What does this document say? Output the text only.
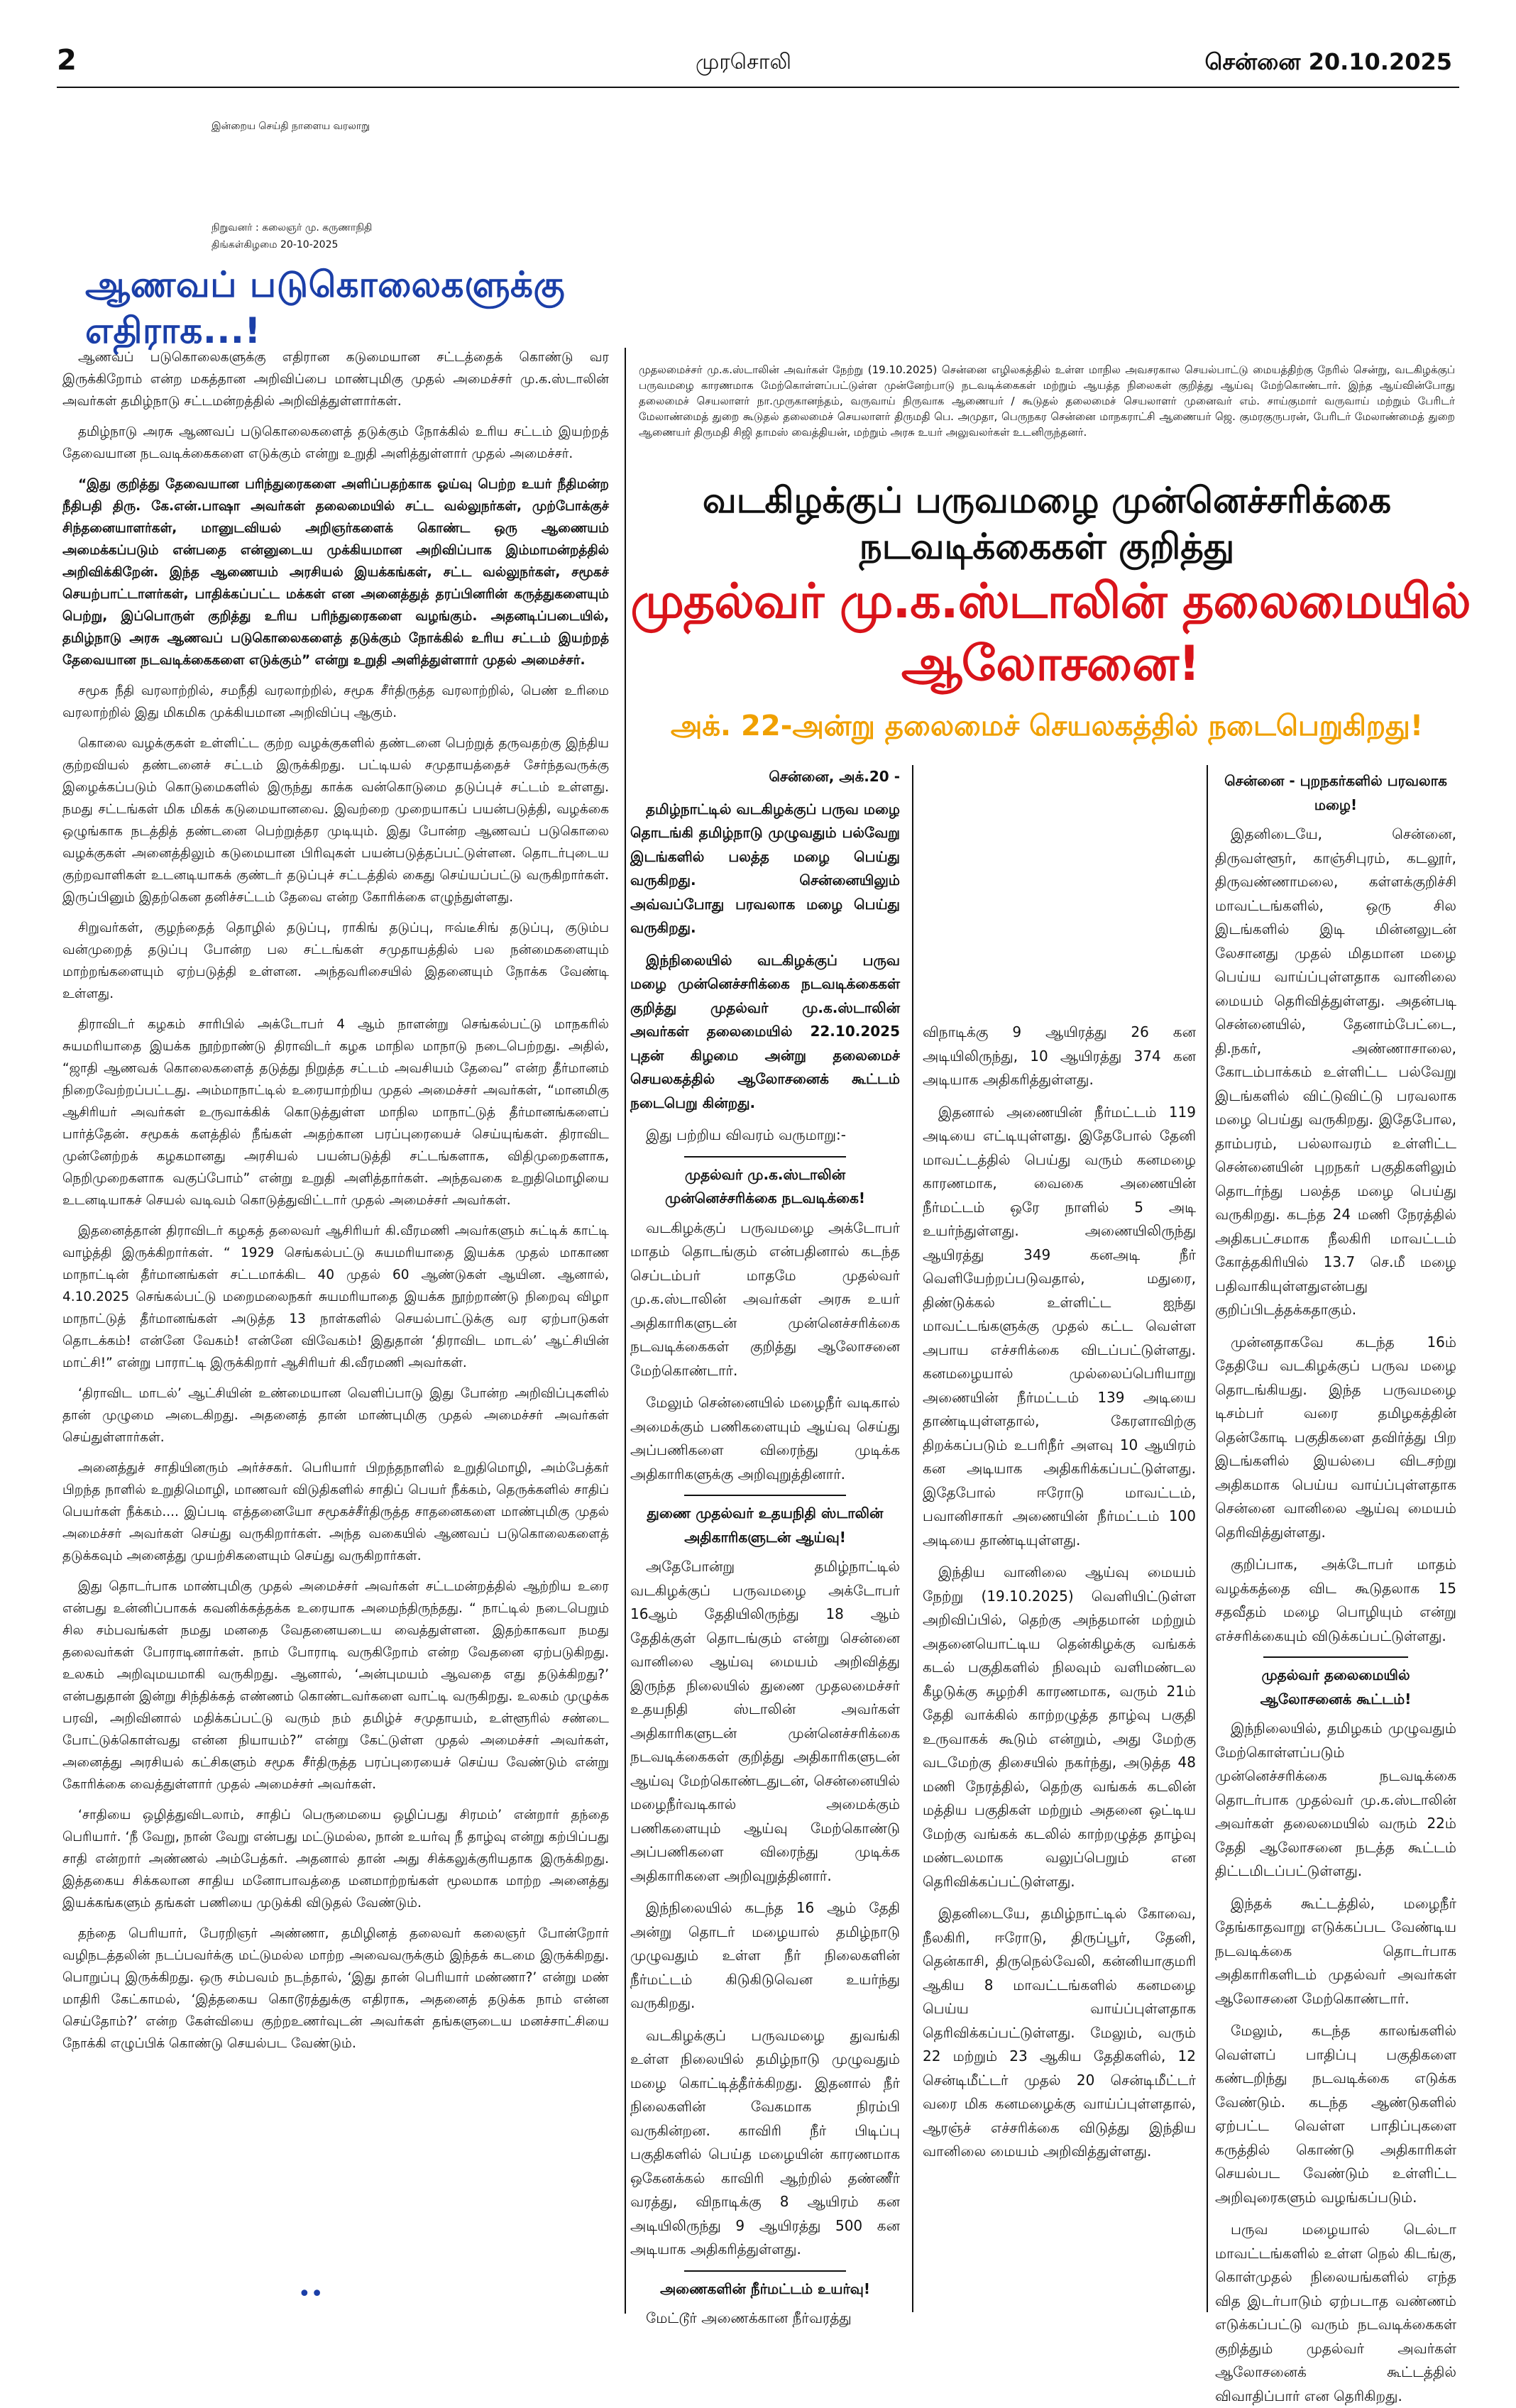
2	முரசொலி	சென்னை 20.10.2025
இன்றைய செய்தி நாளைய வரலாறு
நிறுவனர் : கலைஞர் மு. கருணாநிதி
திங்கள்கிழமை 20-10-2025
ஆணவப் படுகொலைகளுக்கு எதிராக...!

ஆணவப் படுகொலைகளுக்கு எதிரான கடுமையான சட்டத்தைக் கொண்டு வர இருக்கிறோம் என்ற மகத்தான அறிவிப்பை மாண்புமிகு முதல் அமைச்சர் மு.க.ஸ்டாலின் அவர்கள் தமிழ்நாடு சட்டமன்றத்தில் அறிவித்துள்ளார்கள்.

தமிழ்நாடு அரசு ஆணவப் படுகொலைகளைத் தடுக்கும் நோக்கில் உரிய சட்டம் இயற்றத் தேவையான நடவடிக்கைகளை எடுக்கும் என்று உறுதி அளித்துள்ளார் முதல் அமைச்சர்.

“இது குறித்து தேவையான பரிந்துரைகளை அளிப்பதற்காக ஓய்வு பெற்ற உயர் நீதிமன்ற நீதிபதி திரு. கே.என்.பாஷா அவர்கள் தலைமையில் சட்ட வல்லுநர்கள், முற்போக்குச் சிந்தனையாளர்கள், மானுடவியல் அறிஞர்களைக் கொண்ட ஒரு ஆணையம் அமைக்கப்படும் என்பதை என்னுடைய முக்கியமான அறிவிப்பாக இம்மாமன்றத்தில் அறிவிக்கிறேன். இந்த ஆணையம் அரசியல் இயக்கங்கள், சட்ட வல்லுநர்கள், சமூகச் செயற்பாட்டாளர்கள், பாதிக்கப்பட்ட மக்கள் என அனைத்துத் தரப்பினரின் கருத்துகளையும் பெற்று, இப்பொருள் குறித்து உரிய பரிந்துரைகளை வழங்கும். அதனடிப்படையில், தமிழ்நாடு அரசு ஆணவப் படுகொலைகளைத் தடுக்கும் நோக்கில் உரிய சட்டம் இயற்றத் தேவையான நடவடிக்கைகளை எடுக்கும்” என்று உறுதி அளித்துள்ளார் முதல் அமைச்சர்.

சமூக நீதி வரலாற்றில், சமநீதி வரலாற்றில், சமூக சீர்திருத்த வரலாற்றில், பெண் உரிமை வரலாற்றில் இது மிகமிக முக்கியமான அறிவிப்பு ஆகும்.

கொலை வழக்குகள் உள்ளிட்ட குற்ற வழக்குகளில் தண்டனை பெற்றுத் தருவதற்கு இந்திய குற்றவியல் தண்டனைச் சட்டம் இருக்கிறது. பட்டியல் சமுதாயத்தைச் சேர்ந்தவருக்கு இழைக்கப்படும் கொடுமைகளில் இருந்து காக்க வன்கொடுமை தடுப்புச் சட்டம் உள்ளது. நமது சட்டங்கள் மிக மிகக் கடுமையானவை. இவற்றை முறையாகப் பயன்படுத்தி, வழக்கை ஒழுங்காக நடத்தித் தண்டனை பெற்றுத்தர முடியும். இது போன்ற ஆணவப் படுகொலை வழக்குகள் அனைத்திலும் கடுமையான பிரிவுகள் பயன்படுத்தப்பட்டுள்ளன. தொடர்புடைய குற்றவாளிகள் உடனடியாகக் குண்டர் தடுப்புச் சட்டத்தில் கைது செய்யப்பட்டு வருகிறார்கள். இருப்பினும் இதற்கென தனிச்சட்டம் தேவை என்ற கோரிக்கை எழுந்துள்ளது.

சிறுவர்கள், குழந்தைத் தொழில் தடுப்பு, ராகிங் தடுப்பு, ஈவ்டீசிங் தடுப்பு, குடும்ப வன்முறைத் தடுப்பு போன்ற பல சட்டங்கள் சமுதாயத்தில் பல நன்மைகளையும் மாற்றங்களையும் ஏற்படுத்தி உள்ளன. அந்தவரிசையில் இதனையும் நோக்க வேண்டி உள்ளது.

திராவிடர் கழகம் சாரிபில் அக்டோபர் 4 ஆம் நாளன்று செங்கல்பட்டு மாநகரில் சுயமரியாதை இயக்க நூற்றாண்டு திராவிடர் கழக மாநில மாநாடு நடைபெற்றது. அதில், “ஜாதி ஆணவக் கொலைகளைத் தடுத்து நிறுத்த சட்டம் அவசியம் தேவை” என்ற தீர்மானம் நிறைவேற்றப்பட்டது. அம்மாநாட்டில் உரையாற்றிய முதல் அமைச்சர் அவர்கள், “மானமிகு ஆசிரியர் அவர்கள் உருவாக்கிக் கொடுத்துள்ள மாநில மாநாட்டுத் தீர்மானங்களைப் பார்த்தேன். சமூகக் களத்தில் நீங்கள் அதற்கான பரப்புரையைச் செய்யுங்கள். திராவிட முன்னேற்றக் கழகமானது அரசியல் பயன்படுத்தி சட்டங்களாக, விதிமுறைகளாக, நெறிமுறைகளாக வகுப்போம்” என்று உறுதி அளித்தார்கள். அந்தவகை உறுதிமொழியை உடனடியாகச் செயல் வடிவம் கொடுத்துவிட்டார் முதல் அமைச்சர் அவர்கள்.

இதனைத்தான் திராவிடர் கழகத் தலைவர் ஆசிரியர் கி.வீரமணி அவர்களும் சுட்டிக் காட்டி வாழ்த்தி இருக்கிறார்கள். “ 1929 செங்கல்பட்டு சுயமரியாதை இயக்க முதல் மாகாண மாநாட்டின் தீர்மானங்கள் சட்டமாக்கிட 40 முதல் 60 ஆண்டுகள் ஆயின. ஆனால், 4.10.2025 செங்கல்பட்டு மறைமலைநகர் சுயமரியாதை இயக்க நூற்றாண்டு நிறைவு விழா மாநாட்டுத் தீர்மானங்கள் அடுத்த 13 நாள்களில் செயல்பாட்டுக்கு வர ஏற்பாடுகள் தொடக்கம்! என்னே வேகம்! என்னே விவேகம்! இதுதான் ‘திராவிட மாடல்’ ஆட்சியின் மாட்சி!” என்று பாராட்டி இருக்கிறார் ஆசிரியர் கி.வீரமணி அவர்கள்.

‘திராவிட மாடல்’ ஆட்சியின் உண்மையான வெளிப்பாடு இது போன்ற அறிவிப்புகளில் தான் முழுமை அடைகிறது. அதனைத் தான் மாண்புமிகு முதல் அமைச்சர் அவர்கள் செய்துள்ளார்கள்.

அனைத்துச் சாதியினரும் அர்ச்சகர். பெரியார் பிறந்தநாளில் உறுதிமொழி, அம்பேத்கர் பிறந்த நாளில் உறுதிமொழி, மாணவர் விடுதிகளில் சாதிப் பெயர் நீக்கம், தெருக்களில் சாதிப் பெயர்கள் நீக்கம்.... இப்படி எத்தனையோ சமூகச்சீர்திருத்த சாதனைகளை மாண்புமிகு முதல் அமைச்சர் அவர்கள் செய்து வருகிறார்கள். அந்த வகையில் ஆணவப் படுகொலைகளைத் தடுக்கவும் அனைத்து முயற்சிகளையும் செய்து வருகிறார்கள்.

இது தொடர்பாக மாண்புமிகு முதல் அமைச்சர் அவர்கள் சட்டமன்றத்தில் ஆற்றிய உரை என்பது உன்னிப்பாகக் கவனிக்கத்தக்க உரையாக அமைந்திருந்தது. “ நாட்டில் நடைபெறும் சில சம்பவங்கள் நமது மனதை வேதனையடைய வைத்துள்ளன. இதற்காகவா நமது தலைவர்கள் போராடினார்கள். நாம் போராடி வருகிறோம் என்ற வேதனை ஏற்படுகிறது. உலகம் அறிவுமயமாகி வருகிறது. ஆனால், ‘அன்புமயம் ஆவதை எது தடுக்கிறது?’ என்பதுதான் இன்று சிந்திக்கத் எண்ணம் கொண்டவர்களை வாட்டி வருகிறது. உலகம் முழுக்க பரவி, அறிவினால் மதிக்கப்பட்டு வரும் நம் தமிழ்ச் சமுதாயம், உள்ளூரில் சண்டை போட்டுக்கொள்வது என்ன நியாயம்?” என்று கேட்டுள்ள முதல் அமைச்சர் அவர்கள், அனைத்து அரசியல் கட்சிகளும் சமூக சீர்திருத்த பரப்புரையைச் செய்ய வேண்டும் என்று கோரிக்கை வைத்துள்ளார் முதல் அமைச்சர் அவர்கள்.

‘சாதியை ஒழித்துவிடலாம், சாதிப் பெருமையை ஒழிப்பது சிரமம்’ என்றார் தந்தை பெரியார். ‘நீ வேறு, நான் வேறு என்பது மட்டுமல்ல, நான் உயர்வு நீ தாழ்வு என்று கற்பிப்பது சாதி என்றார் அண்ணல் அம்பேத்கர். அதனால் தான் அது சிக்கலுக்குரியதாக இருக்கிறது. இத்தகைய சிக்கலான சாதிய மனோபாவத்தை மனமாற்றங்கள் மூலமாக மாற்ற அனைத்து இயக்கங்களும் தங்கள் பணியை முடுக்கி விடுதல் வேண்டும்.

தந்தை பெரியார், பேரறிஞர் அண்ணா, தமிழினத் தலைவர் கலைஞர் போன்றோர் வழிநடத்தலின் நடப்பவர்க்கு மட்டுமல்ல மாற்ற அவைவருக்கும் இந்தக் கடமை இருக்கிறது. பொறுப்பு இருக்கிறது. ஒரு சம்பவம் நடந்தால், ‘இது தான் பெரியார் மண்ணா?’ என்று மண் மாதிரி கேட்காமல், ‘இத்தகைய கொடூரத்துக்கு எதிராக, அதனைத் தடுக்க நாம் என்ன செய்தோம்?’ என்ற கேள்வியை குற்றஉணர்வுடன் அவர்கள் தங்களுடைய மனச்சாட்சியை நோக்கி எழுப்பிக் கொண்டு செயல்பட வேண்டும்.

••
முதலமைச்சர் மு.க.ஸ்டாலின் அவர்கள் நேற்று (19.10.2025) சென்னை எழிலகத்தில் உள்ள மாநில அவசரகால செயல்பாட்டு மையத்திற்கு நேரில் சென்று, வடகிழக்குப் பருவமழை காரணமாக மேற்கொள்ளப்பட்டுள்ள முன்னேற்பாடு நடவடிக்கைகள் மற்றும் ஆயத்த நிலைகள் குறித்து ஆய்வு மேற்கொண்டார். இந்த ஆய்வின்போது தலைமைச் செயலாளர் நா.முருகானந்தம், வருவாய் நிருவாக ஆணையர் / கூடுதல் தலைமைச் செயலாளர் முனைவர் எம். சாய்குமார் வருவாய் மற்றும் பேரிடர் மேலாண்மைத் துறை கூடுதல் தலைமைச் செயலாளர் திருமதி பெ. அமுதா, பெருநகர சென்னை மாநகராட்சி ஆணையர் ஜெ. குமரகுருபரன், பேரிடர் மேலாண்மைத் துறை ஆணையர் திருமதி சிஜி தாமஸ் வைத்தியன், மற்றும் அரசு உயர் அலுவலர்கள் உடனிருந்தனர்.
வடகிழக்குப் பருவமழை முன்னெச்சரிக்கை நடவடிக்கைகள் குறித்து
முதல்வர் மு.க.ஸ்டாலின் தலைமையில் ஆலோசனை!
அக். 22-அன்று தலைமைச் செயலகத்தில் நடைபெறுகிறது!

சென்னை, அக்.20 -

தமிழ்நாட்டில் வடகிழக்குப் பருவ மழை தொடங்கி தமிழ்நாடு முழுவதும் பல்வேறு இடங்களில் பலத்த மழை பெய்து வருகிறது. சென்னையிலும் அவ்வப்போது பரவலாக மழை பெய்து வருகிறது.

இந்நிலையில் வடகிழக்குப் பருவ மழை முன்னெச்சரிக்கை நடவடிக்கைகள் குறித்து முதல்வர் மு.க.ஸ்டாலின் அவர்கள் தலைமையில் 22.10.2025 புதன் கிழமை அன்று தலைமைச் செயலகத்தில் ஆலோசனைக் கூட்டம் நடைபெறு கின்றது.

இது பற்றிய விவரம் வருமாறு:-

முதல்வர் மு.க.ஸ்டாலின் முன்னெச்சரிக்கை நடவடிக்கை!

வடகிழக்குப் பருவமழை அக்டோபர் மாதம் தொடங்கும் என்பதினால் கடந்த செப்டம்பர் மாதமே முதல்வர் மு.க.ஸ்டாலின் அவர்கள் அரசு உயர் அதிகாரிகளுடன் முன்னெச்சரிக்கை நடவடிக்கைகள் குறித்து ஆலோசனை மேற்கொண்டார்.

மேலும் சென்னையில் மழைநீர் வடிகால் அமைக்கும் பணிகளையும் ஆய்வு செய்து அப்பணிகளை விரைந்து முடிக்க அதிகாரிகளுக்கு அறிவுறுத்தினார்.

துணை முதல்வர் உதயநிதி ஸ்டாலின் அதிகாரிகளுடன் ஆய்வு!

அதேபோன்று தமிழ்நாட்டில் வடகிழக்குப் பருவமழை அக்டோபர் 16ஆம் தேதியிலிருந்து 18 ஆம் தேதிக்குள் தொடங்கும் என்று சென்னை வானிலை ஆய்வு மையம் அறிவித்து இருந்த நிலையில் துணை முதலமைச்சர் உதயநிதி ஸ்டாலின் அவர்கள் அதிகாரிகளுடன் முன்னெச்சரிக்கை நடவடிக்கைகள் குறித்து அதிகாரிகளுடன் ஆய்வு மேற்கொண்டதுடன், சென்னையில் மழைநீர்வடிகால் அமைக்கும் பணிகளையும் ஆய்வு மேற்கொண்டு அப்பணிகளை விரைந்து முடிக்க அதிகாரிகளை அறிவுறுத்தினார்.

இந்நிலையில் கடந்த 16 ஆம் தேதி அன்று தொடர் மழையால் தமிழ்நாடு முழுவதும் உள்ள நீர் நிலைகளின் நீர்மட்டம் கிடுகிடுவென உயர்ந்து வருகிறது.

வடகிழக்குப் பருவமழை துவங்கி உள்ள நிலையில் தமிழ்நாடு முழுவதும் மழை கொட்டித்தீர்க்கிறது. இதனால் நீர் நிலைகளின் வேகமாக நிரம்பி வருகின்றன. காவிரி நீர் பிடிப்பு பகுதிகளில் பெய்த மழையின் காரணமாக ஒகேனக்கல் காவிரி ஆற்றில் தண்ணீர் வரத்து, விநாடிக்கு 8 ஆயிரம் கன அடியிலிருந்து 9 ஆயிரத்து 500 கன அடியாக அதிகரித்துள்ளது.

அணைகளின் நீர்மட்டம் உயர்வு!

மேட்டூர் அணைக்கான நீர்வரத்து

விநாடிக்கு 9 ஆயிரத்து 26 கன அடியிலிருந்து, 10 ஆயிரத்து 374 கன அடியாக அதிகரித்துள்ளது.

இதனால் அணையின் நீர்மட்டம் 119 அடியை எட்டியுள்ளது. இதேபோல் தேனி மாவட்டத்தில் பெய்து வரும் கனமழை காரணமாக, வைகை அணையின் நீர்மட்டம் ஒரே நாளில் 5 அடி உயர்ந்துள்ளது. அணையிலிருந்து ஆயிரத்து 349 கனஅடி நீர் வெளியேற்றப்படுவதால், மதுரை, திண்டுக்கல் உள்ளிட்ட ஐந்து மாவட்டங்களுக்கு முதல் கட்ட வெள்ள அபாய எச்சரிக்கை விடப்பட்டுள்ளது. கனமழையால் முல்லைப்பெரியாறு அணையின் நீர்மட்டம் 139 அடியை தாண்டியுள்ளதால், கேரளாவிற்கு திறக்கப்படும் உபரிநீர் அளவு 10 ஆயிரம் கன அடியாக அதிகரிக்கப்பட்டுள்ளது. இதேபோல் ஈரோடு மாவட்டம், பவானிசாகர் அணையின் நீர்மட்டம் 100 அடியை தாண்டியுள்ளது.

இந்திய வானிலை ஆய்வு மையம் நேற்று (19.10.2025) வெளியிட்டுள்ள அறிவிப்பில், தெற்கு அந்தமான் மற்றும் அதனையொட்டிய தென்கிழக்கு வங்கக் கடல் பகுதிகளில் நிலவும் வளிமண்டல கீழடுக்கு சுழற்சி காரணமாக, வரும் 21ம் தேதி வாக்கில் காற்றழுத்த தாழ்வு பகுதி உருவாகக் கூடும் என்றும், அது மேற்கு வடமேற்கு திசையில் நகர்ந்து, அடுத்த 48 மணி நேரத்தில், தெற்கு வங்கக் கடலின் மத்திய பகுதிகள் மற்றும் அதனை ஒட்டிய மேற்கு வங்கக் கடலில் காற்றழுத்த தாழ்வு மண்டலமாக வலுப்பெறும் என தெரிவிக்கப்பட்டுள்ளது.

இதனிடையே, தமிழ்நாட்டில் கோவை, நீலகிரி, ஈரோடு, திருப்பூர், தேனி, தென்காசி, திருநெல்வேலி, கன்னியாகுமரி ஆகிய 8 மாவட்டங்களில் கனமழை பெய்ய வாய்ப்புள்ளதாக தெரிவிக்கப்பட்டுள்ளது. மேலும், வரும் 22 மற்றும் 23 ஆகிய தேதிகளில், 12 சென்டிமீட்டர் முதல் 20 சென்டிமீட்டர் வரை மிக கனமழைக்கு வாய்ப்புள்ளதால், ஆரஞ்ச் எச்சரிக்கை விடுத்து இந்திய வானிலை மையம் அறிவித்துள்ளது.

சென்னை - புறநகர்களில் பரவலாக மழை!

இதனிடையே, சென்னை, திருவள்ளூர், காஞ்சிபுரம், கடலூர், திருவண்ணாமலை, கள்ளக்குறிச்சி மாவட்டங்களில், ஒரு சில இடங்களில் இடி மின்னலுடன் லேசானது முதல் மிதமான மழை பெய்ய வாய்ப்புள்ளதாக வானிலை மையம் தெரிவித்துள்ளது. அதன்படி சென்னையில், தேனாம்பேட்டை, தி.நகர், அண்ணாசாலை, கோடம்பாக்கம் உள்ளிட்ட பல்வேறு இடங்களில் விட்டுவிட்டு பரவலாக மழை பெய்து வருகிறது. இதேபோல, தாம்பரம், பல்லாவரம் உள்ளிட்ட சென்னையின் புறநகர் பகுதிகளிலும் தொடர்ந்து பலத்த மழை பெய்து வருகிறது. கடந்த 24 மணி நேரத்தில் அதிகபட்சமாக நீலகிரி மாவட்டம் கோத்தகிரியில் 13.7 செ.மீ மழை பதிவாகியுள்ளதுஎன்பது குறிப்பிடத்தக்கதாகும்.

முன்னதாகவே கடந்த 16ம் தேதியே வடகிழக்குப் பருவ மழை தொடங்கியது. இந்த பருவமழை டிசம்பர் வரை தமிழகத்தின் தென்கோடி பகுதிகளை தவிர்த்து பிற இடங்களில் இயல்பை விடசற்று அதிகமாக பெய்ய வாய்ப்புள்ளதாக சென்னை வானிலை ஆய்வு மையம் தெரிவித்துள்ளது.

குறிப்பாக, அக்டோபர் மாதம் வழக்கத்தை விட கூடுதலாக 15 சதவீதம் மழை பொழியும் என்று எச்சரிக்கையும் விடுக்கப்பட்டுள்ளது.

முதல்வர் தலைமையில் ஆலோசனைக் கூட்டம்!

இந்நிலையில், தமிழகம் முழுவதும் மேற்கொள்ளப்படும் முன்னெச்சரிக்கை நடவடிக்கை தொடர்பாக முதல்வர் மு.க.ஸ்டாலின் அவர்கள் தலைமையில் வரும் 22ம் தேதி ஆலோசனை நடத்த கூட்டம் திட்டமிடப்பட்டுள்ளது.

இந்தக் கூட்டத்தில், மழைநீர் தேங்காதவாறு எடுக்கப்பட வேண்டிய நடவடிக்கை தொடர்பாக அதிகாரிகளிடம் முதல்வர் அவர்கள் ஆலோசனை மேற்கொண்டார்.

மேலும், கடந்த காலங்களில் வெள்ளப் பாதிப்பு பகுதிகளை கண்டறிந்து நடவடிக்கை எடுக்க வேண்டும். கடந்த ஆண்டுகளில் ஏற்பட்ட வெள்ள பாதிப்புகளை கருத்தில் கொண்டு அதிகாரிகள் செயல்பட வேண்டும் உள்ளிட்ட அறிவுரைகளும் வழங்கப்படும்.

பருவ மழையால் டெல்டா மாவட்டங்களில் உள்ள நெல் கிடங்கு, கொள்முதல் நிலையங்களில் எந்த வித இடர்பாடும் ஏற்படாத வண்ணம் எடுக்கப்பட்டு வரும் நடவடிக்கைகள் குறித்தும் முதல்வர் அவர்கள் ஆலோசனைக் கூட்டத்தில் விவாதிப்பார் என தெரிகிறது.
